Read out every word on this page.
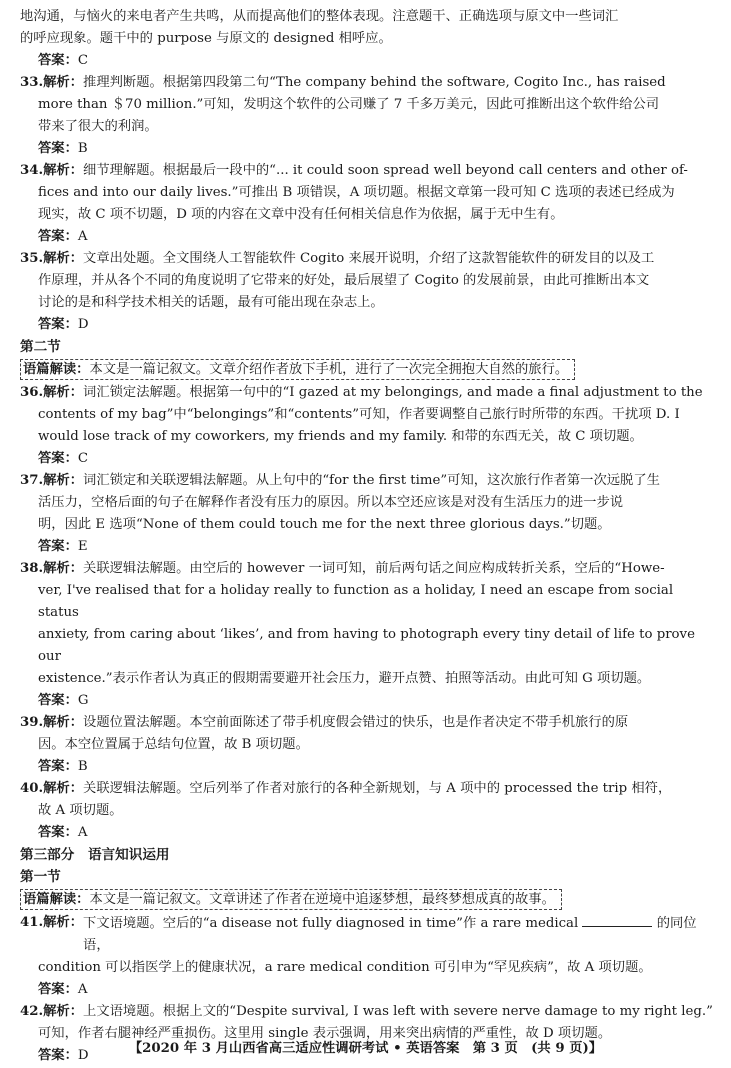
地沟通，与恼火的来电者产生共鸣，从而提高他们的整体表现。注意题干、正确选项与原文中一些词汇

的呼应现象。题干中的 purpose 与原文的 designed 相呼应。

答案：C

33.解析： 推理判断题。根据第四段第二句“The company behind the software, Cogito Inc., has raised

more than ＄70 million.”可知，发明这个软件的公司赚了 7 千多万美元，因此可推断出这个软件给公司

带来了很大的利润。

答案：B

34.解析： 细节理解题。根据最后一段中的“... it could soon spread well beyond call centers and other of-

fices and into our daily lives.”可推出 B 项错误，A 项切题。根据文章第一段可知 C 选项的表述已经成为

现实，故 C 项不切题，D 项的内容在文章中没有任何相关信息作为依据，属于无中生有。

答案：A

35.解析： 文章出处题。全文围绕人工智能软件 Cogito 来展开说明，介绍了这款智能软件的研发目的以及工

作原理，并从各个不同的角度说明了它带来的好处，最后展望了 Cogito 的发展前景，由此可推断出本文

讨论的是和科学技术相关的话题，最有可能出现在杂志上。

答案：D

第二节

语篇解读：本文是一篇记叙文。文章介绍作者放下手机，进行了一次完全拥抱大自然的旅行。
36.解析： 词汇锁定法解题。根据第一句中的“I gazed at my belongings, and made a final adjustment to the

contents of my bag”中“belongings”和“contents”可知，作者要调整自己旅行时所带的东西。干扰项 D. I

would lose track of my coworkers, my friends and my family. 和带的东西无关，故 C 项切题。

答案：C

37.解析： 词汇锁定和关联逻辑法解题。从上句中的“for the first time”可知，这次旅行作者第一次远脱了生

活压力，空格后面的句子在解释作者没有压力的原因。所以本空还应该是对没有生活压力的进一步说

明，因此 E 选项“None of them could touch me for the next three glorious days.”切题。

答案：E

38.解析： 关联逻辑法解题。由空后的 however 一词可知，前后两句话之间应构成转折关系，空后的“Howe-

ver, I've realised that for a holiday really to function as a holiday, I need an escape from social status

anxiety, from caring about ‘likes’, and from having to photograph every tiny detail of life to prove our

existence.”表示作者认为真正的假期需要避开社会压力，避开点赞、拍照等活动。由此可知 G 项切题。

答案：G

39.解析： 设题位置法解题。本空前面陈述了带手机度假会错过的快乐，也是作者决定不带手机旅行的原

因。本空位置属于总结句位置，故 B 项切题。

答案：B

40.解析： 关联逻辑法解题。空后列举了作者对旅行的各种全新规划，与 A 项中的 processed the trip 相符，

故 A 项切题。

答案：A

第三部分　语言知识运用

第一节

语篇解读：本文是一篇记叙文。文章讲述了作者在逆境中追逐梦想，最终梦想成真的故事。
41.解析： 下文语境题。空后的“a disease not fully diagnosed in time”作 a rare medical	的同位语，

condition 可以指医学上的健康状况，a rare medical condition 可引申为“罕见疾病”，故 A 项切题。

答案：A

42.解析： 上文语境题。根据上文的“Despite survival, I was left with severe nerve damage to my right leg.”

可知，作者右腿神经严重损伤。这里用 single 表示强调，用来突出病情的严重性，故 D 项切题。

答案：D	【2020 年 3 月山西省高三适应性调研考试 • 英语答案　第 3 页　(共 9 页)】
